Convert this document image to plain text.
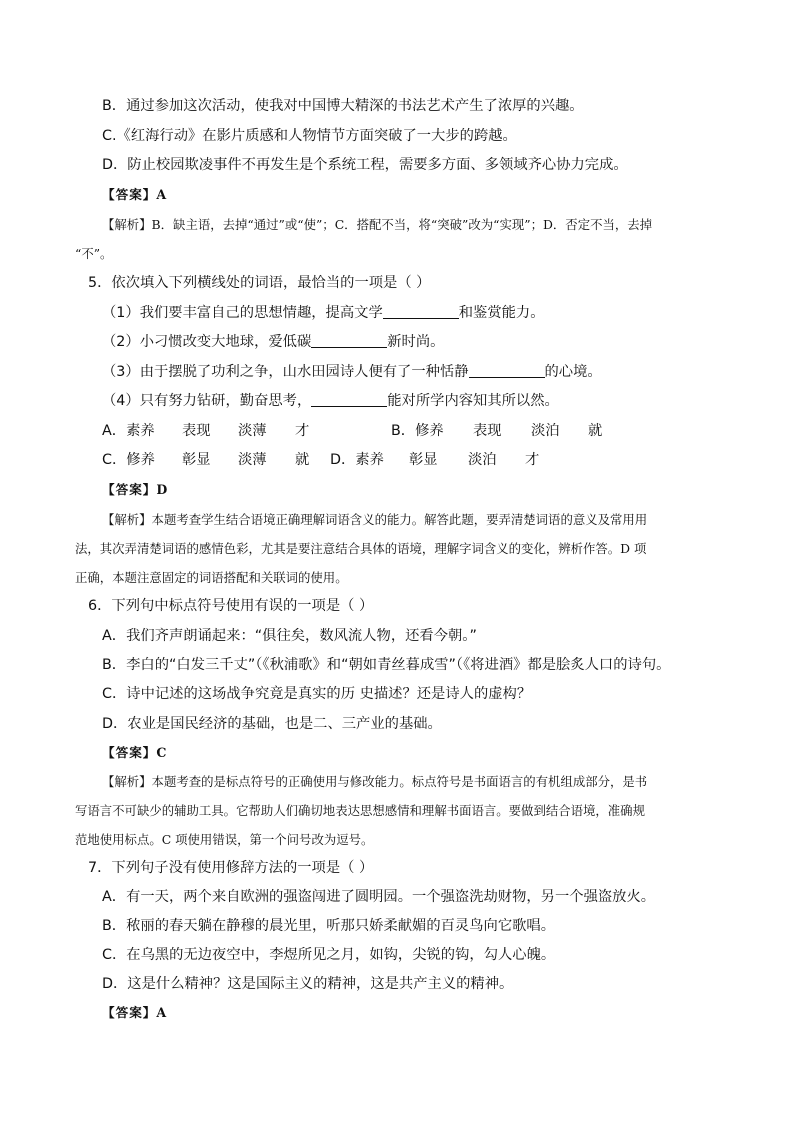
B．通过参加这次活动，使我对中国博大精深的书法艺术产生了浓厚的兴趣。
C.《红海行动》在影片质感和人物情节方面突破了一大步的跨越。
D．防止校园欺凌事件不再发生是个系统工程，需要多方面、多领域齐心协力完成。
【答案】A
【解析】B．缺主语，去掉“通过”或“使”；C．搭配不当，将“突破”改为“实现”；D．否定不当，去掉
“不”。
5．依次填入下列横线处的词语，最恰当的一项是（ ）
（1）我们要丰富自己的思想情趣，提高文学	和鉴赏能力。
（2）小刁惯改变大地球，爱低碳	新时尚。
（3）由于摆脱了功利之争，山水田园诗人便有了一种恬静	的心境。
（4）只有努力钻研，勤奋思考，	能对所学内容知其所以然。
A．素养 表现 淡薄 才	B．修养 表现 淡泊 就
C．修养 彰显 淡薄 就 D．素养 彰显 淡泊 才
【答案】D
【解析】本题考查学生结合语境正确理解词语含义的能力。解答此题，要弄清楚词语的意义及常用用
法，其次弄清楚词语的感情色彩，尤其是要注意结合具体的语境，理解字词含义的变化，辨析作答。D 项
正确，本题注意固定的词语搭配和关联词的使用。
6．下列句中标点符号使用有误的一项是（ ）
A．我们齐声朗诵起来：“俱往矣，数风流人物，还看今朝。”
B．李白的“白发三千丈”（《秋浦歌》和“朝如青丝暮成雪”（《将进酒》都是脍炙人口的诗句。
C．诗中记述的这场战争究竟是真实的历 史描述？还是诗人的虚构？
D．农业是国民经济的基础，也是二、三产业的基础。
【答案】C
【解析】本题考查的是标点符号的正确使用与修改能力。标点符号是书面语言的有机组成部分，是书
写语言不可缺少的辅助工具。它帮助人们确切地表达思想感情和理解书面语言。要做到结合语境，准确规
范地使用标点。C 项使用错误，第一个问号改为逗号。
7．下列句子没有使用修辞方法的一项是（ ）
A．有一天，两个来自欧洲的强盗闯进了圆明园。一个强盗洗劫财物，另一个强盗放火。
B．秾丽的春天躺在静穆的晨光里，听那只娇柔献媚的百灵鸟向它歌唱。
C．在乌黑的无边夜空中，李煜所见之月，如钩，尖锐的钩，勾人心魄。
D．这是什么精神？这是国际主义的精神，这是共产主义的精神。
【答案】A
